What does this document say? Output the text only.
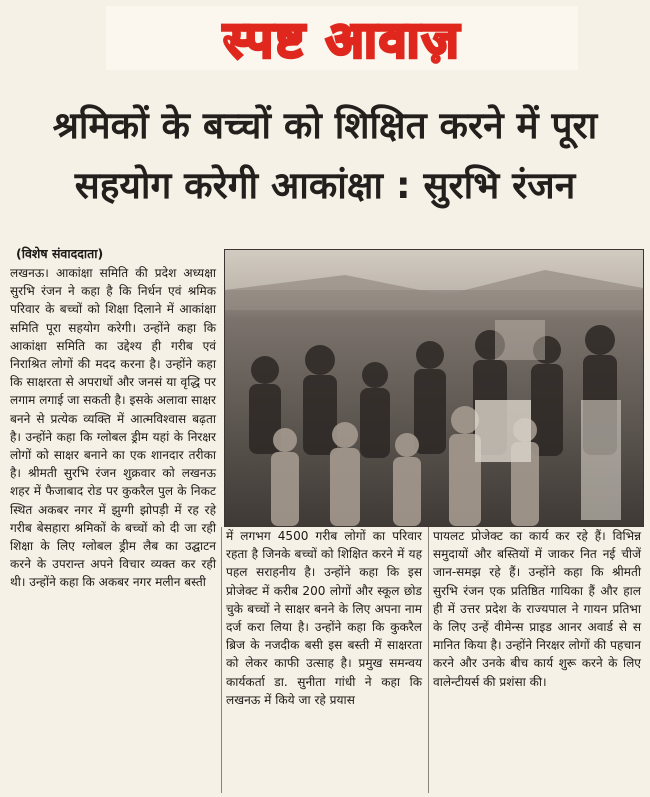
स्पष्ट आवाज़
श्रमिकों के बच्चों को शिक्षित करने में पूरा
सहयोग करेगी आकांक्षा : सुरभि रंजन
(विशेष संवाददाता)

लखनऊ। आकांक्षा समिति की प्रदेश अध्यक्षा सुरभि रंजन ने कहा है कि निर्धन एवं श्रमिक परिवार के बच्चों को शिक्षा दिलाने में आकांक्षा समिति पूरा सहयोग करेगी। उन्होंने कहा कि आकांक्षा समिति का उद्देश्य ही गरीब एवं निराश्रित लोगों की मदद करना है। उन्होंने कहा कि साक्षरता से अपराधों और जनसं या वृद्धि पर लगाम लगाई जा सकती है। इसके अलावा साक्षर बनने से प्रत्येक व्यक्ति में आत्मविश्वास बढ़ता है। उन्होंने कहा कि ग्लोबल ड्रीम यहां के निरक्षर लोगों को साक्षर बनाने का एक शानदार तरीका है। श्रीमती सुरभि रंजन शुक्रवार को लखनऊ शहर में फैजाबाद रोड पर कुकरैल पुल के निकट स्थित अकबर नगर में झुग्गी झोपड़ी में रह रहे गरीब बेसहारा श्रमिकों के बच्चों को दी जा रही शिक्षा के लिए ग्लोबल ड्रीम लैब का उद्घाटन करने के उपरान्त अपने विचार व्यक्त कर रही थी। उन्होंने कहा कि अकबर नगर मलीन बस्ती

में लगभग 4500 गरीब लोगों का परिवार रहता है जिनके बच्चों को शिक्षित करने में यह पहल सराहनीय है। उन्होंने कहा कि इस प्रोजेक्ट में करीब 200 लोगों और स्कूल छोड चुके बच्चों ने साक्षर बनने के लिए अपना नाम दर्ज करा लिया है। उन्होंने कहा कि कुकरैल ब्रिज के नजदीक बसी इस बस्ती में साक्षरता को लेकर काफी उत्साह है। प्रमुख समन्वय कार्यकर्ता डा. सुनीता गांधी ने कहा कि लखनऊ में किये जा रहे प्रयास

पायलट प्रोजेक्ट का कार्य कर रहे हैं। विभिन्न समुदायों और बस्तियों में जाकर नित नई चीजें जान-समझ रहे हैं। उन्होंने कहा कि श्रीमती सुरभि रंजन एक प्रतिष्ठित गायिका हैं और हाल ही में उत्तर प्रदेश के राज्यपाल ने गायन प्रतिभा के लिए उन्हें वीमेन्स प्राइड आनर अवार्ड से स मानित किया है। उन्होंने निरक्षर लोगों की पहचान करने और उनके बीच कार्य शुरू करने के लिए वालेन्टीयर्स की प्रशंसा की।
